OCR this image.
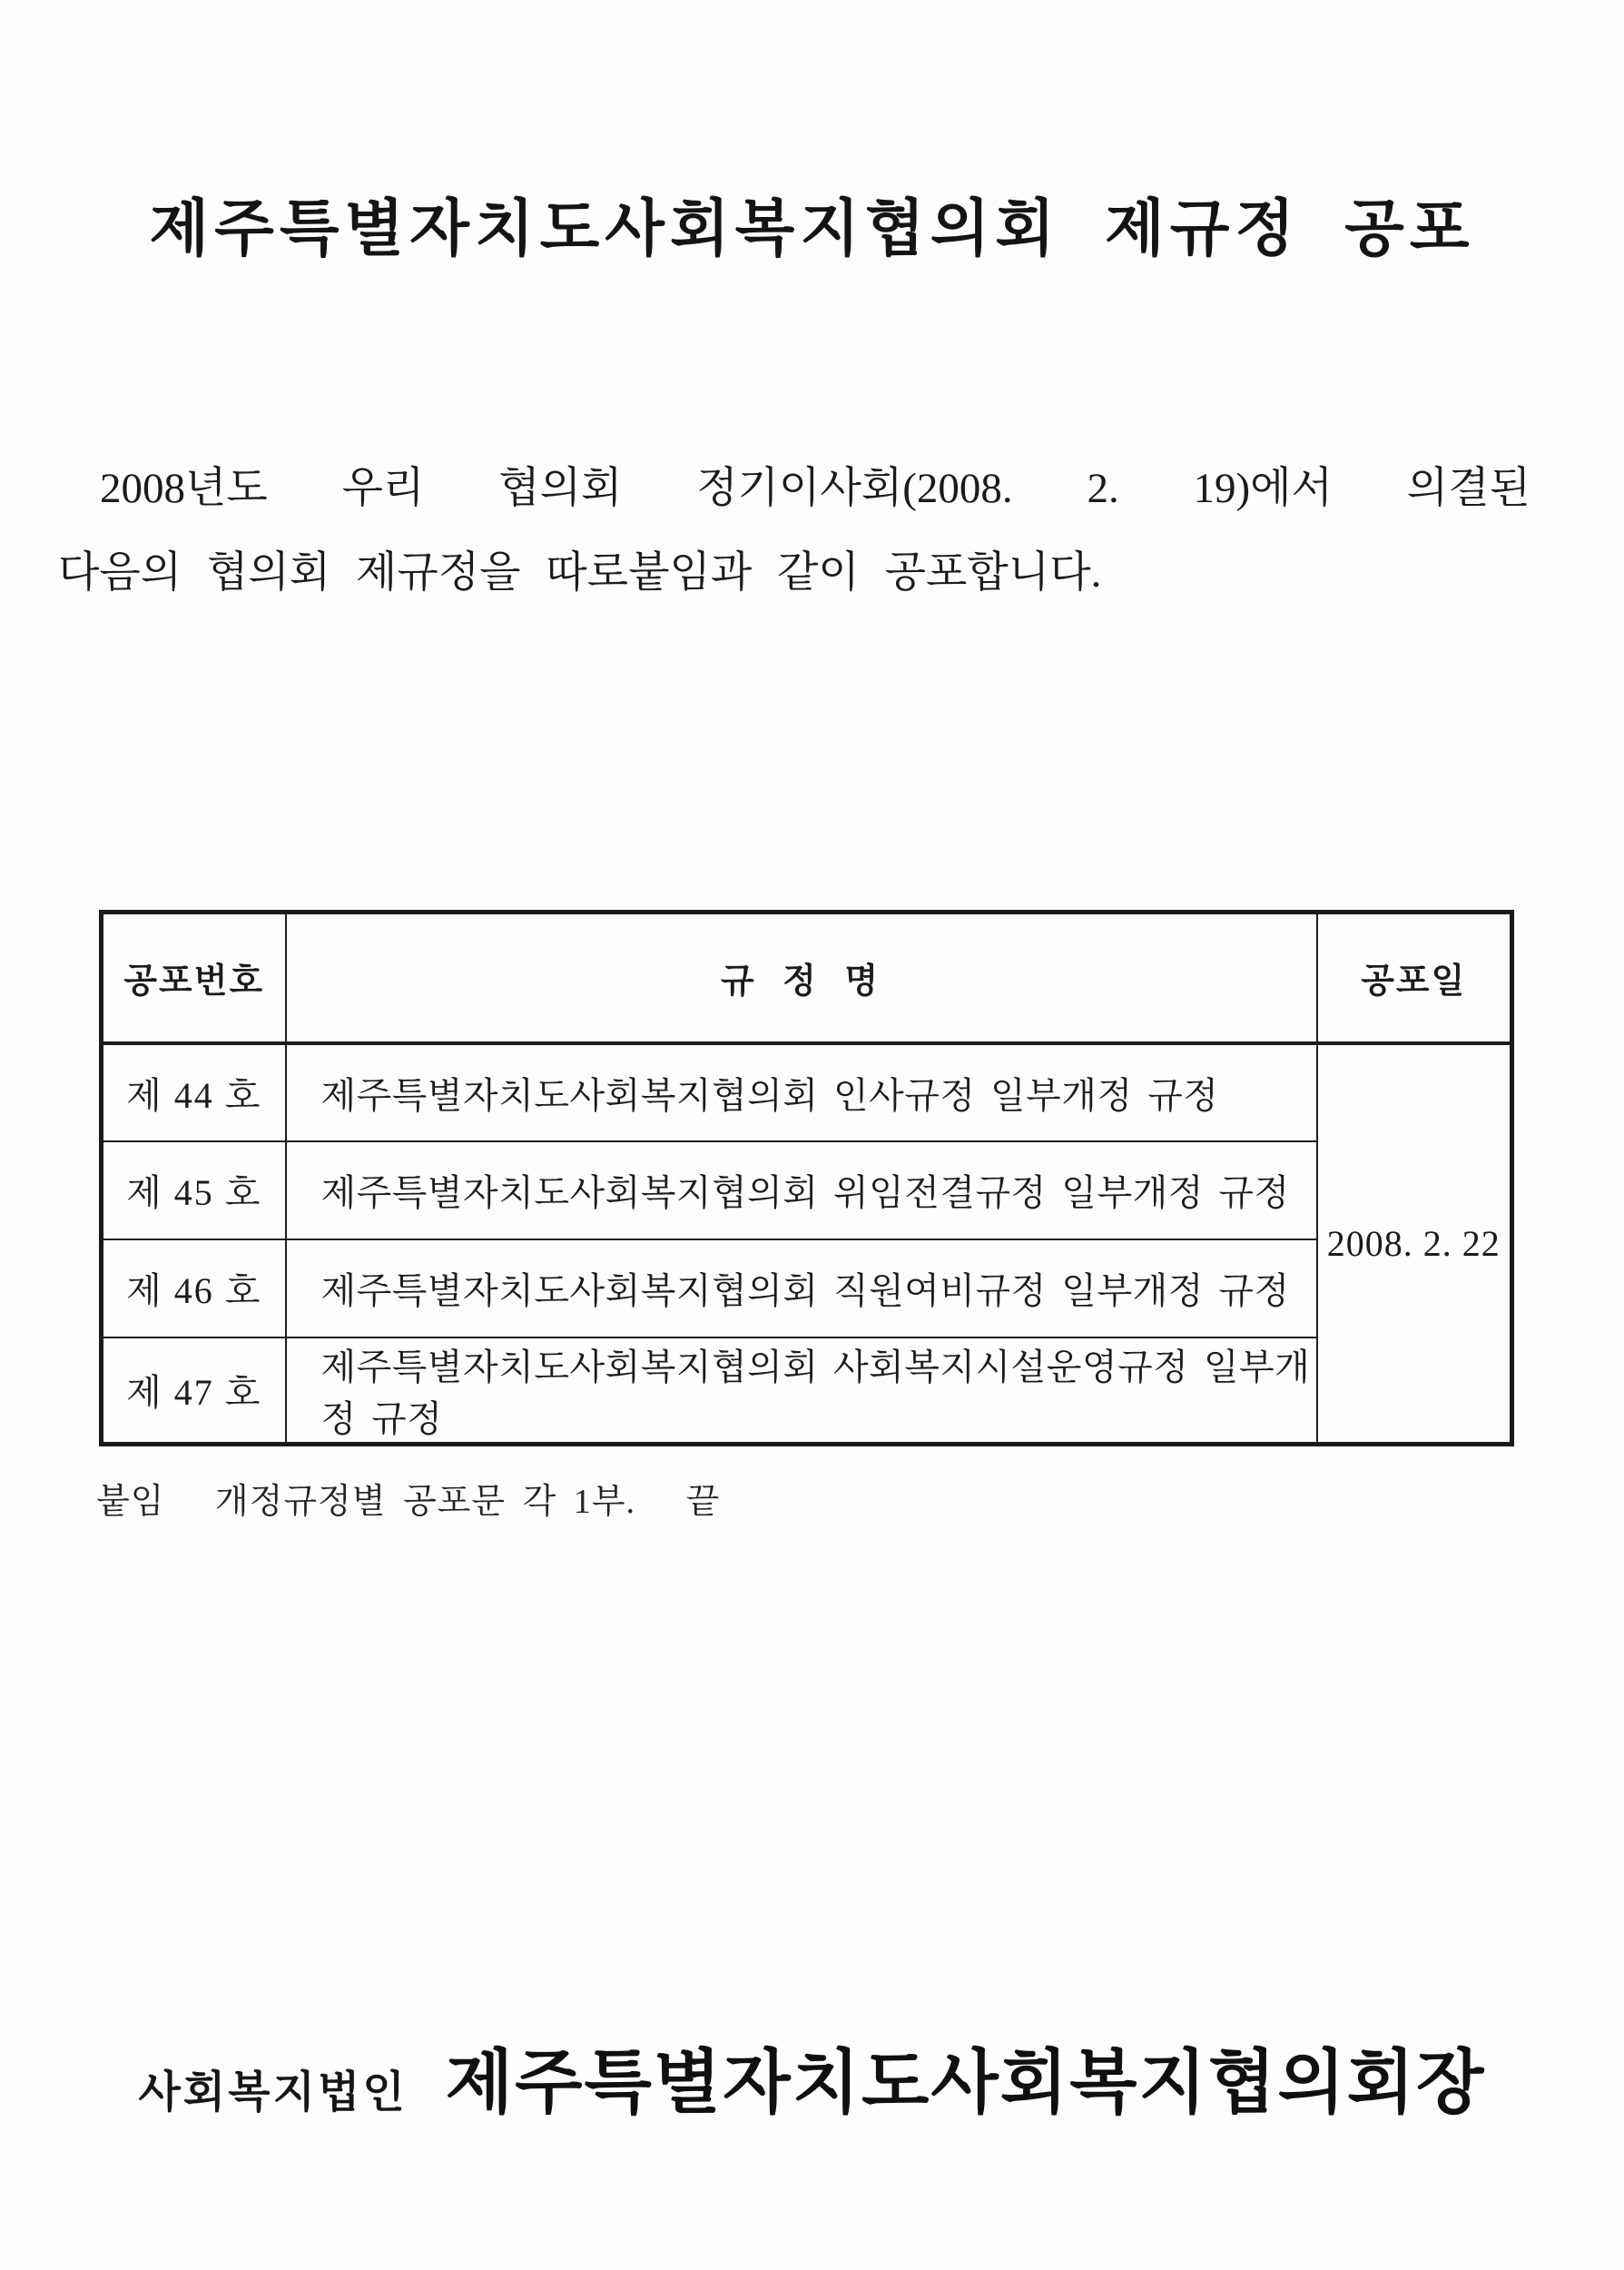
제주특별자치도사회복지협의회 제규정 공포
2008년도 우리 협의회 정기이사회(2008. 2. 19)에서 의결된
다음의 협의회 제규정을 따로붙임과 같이 공포합니다.
공포번호	규 정 명	공포일
제 44 호	제주특별자치도사회복지협의회 인사규정 일부개정 규정	2008. 2. 22
제 45 호	제주특별자치도사회복지협의회 위임전결규정 일부개정 규정	
제 46 호	제주특별자치도사회복지협의회 직원여비규정 일부개정 규정	
제 47 호	제주특별자치도사회복지협의회 사회복지시설운영규정 일부개정 규정	
붙임   개정규정별 공포문 각 1부.   끝
사회복지법인 제주특별자치도사회복지협의회장
